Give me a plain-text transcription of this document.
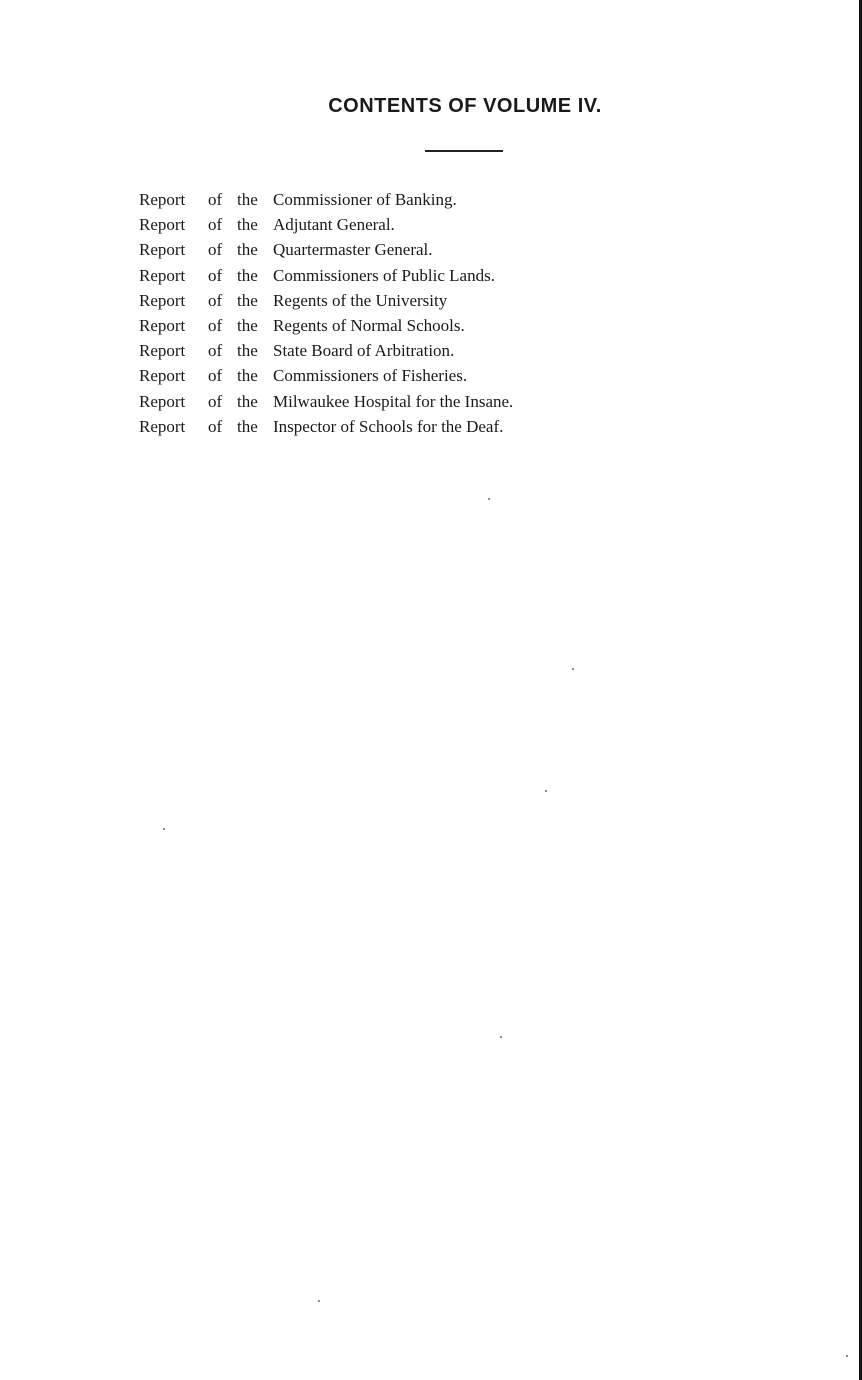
CONTENTS OF VOLUME IV.
Report	of the Commissioner of Banking.
Report	of the Adjutant General.
Report	of the Quartermaster General.
Report	of the Commissioners of Public Lands.
Report	of the Regents of the University
Report	of the Regents of Normal Schools.
Report	of the State Board of Arbitration.
Report	of the Commissioners of Fisheries.
Report	of the Milwaukee Hospital for the Insane.
Report	of the Inspector of Schools for the Deaf.
